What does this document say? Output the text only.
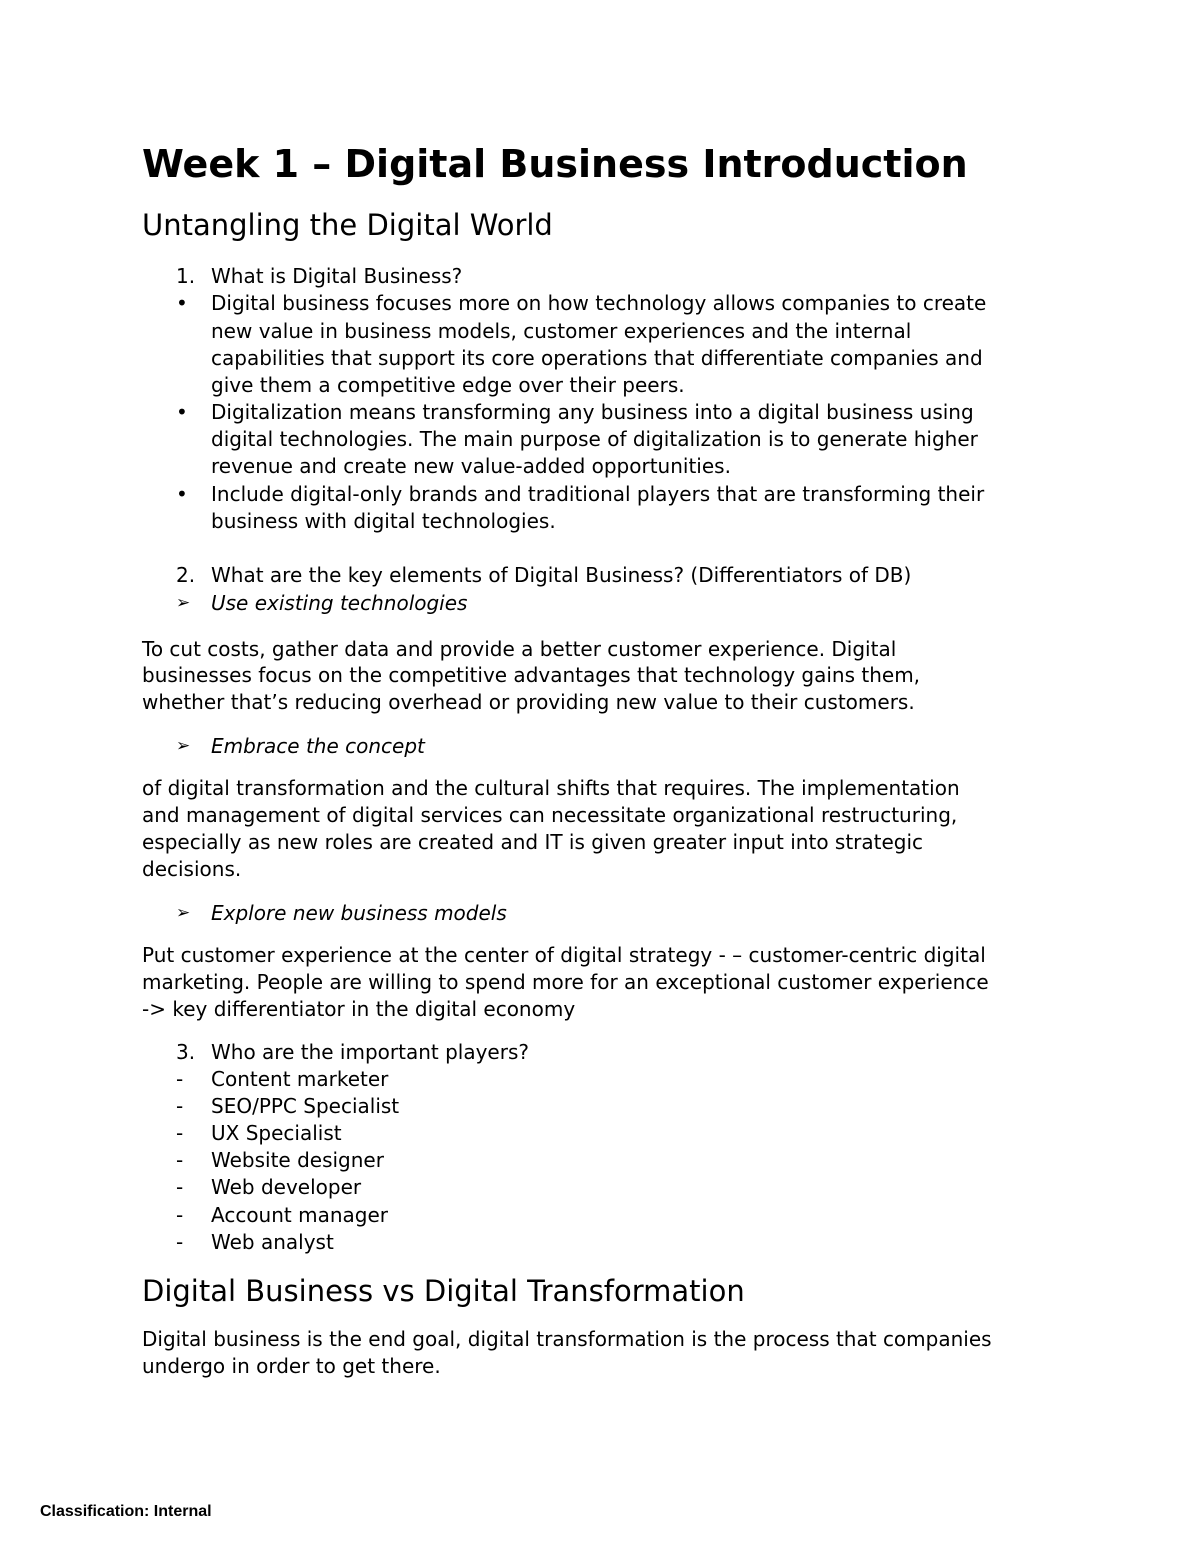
Week 1 – Digital Business Introduction
Untangling the Digital World
1. What is Digital Business?
• Digital business focuses more on how technology allows companies to create
new value in business models, customer experiences and the internal
capabilities that support its core operations that differentiate companies and
give them a competitive edge over their peers.
• Digitalization means transforming any business into a digital business using
digital technologies. The main purpose of digitalization is to generate higher
revenue and create new value-added opportunities.
• Include digital-only brands and traditional players that are transforming their
business with digital technologies.
2. What are the key elements of Digital Business? (Differentiators of DB)
➢ Use existing technologies
To cut costs, gather data and provide a better customer experience. Digital
businesses focus on the competitive advantages that technology gains them,
whether that’s reducing overhead or providing new value to their customers.
➢ Embrace the concept
of digital transformation and the cultural shifts that requires. The implementation
and management of digital services can necessitate organizational restructuring,
especially as new roles are created and IT is given greater input into strategic
decisions.
➢ Explore new business models
Put customer experience at the center of digital strategy - – customer-centric digital
marketing. People are willing to spend more for an exceptional customer experience
-> key differentiator in the digital economy
3. Who are the important players?
- Content marketer
- SEO/PPC Specialist
- UX Specialist
- Website designer
- Web developer
- Account manager
- Web analyst
Digital Business vs Digital Transformation
Digital business is the end goal, digital transformation is the process that companies
undergo in order to get there.
Classification: Internal
